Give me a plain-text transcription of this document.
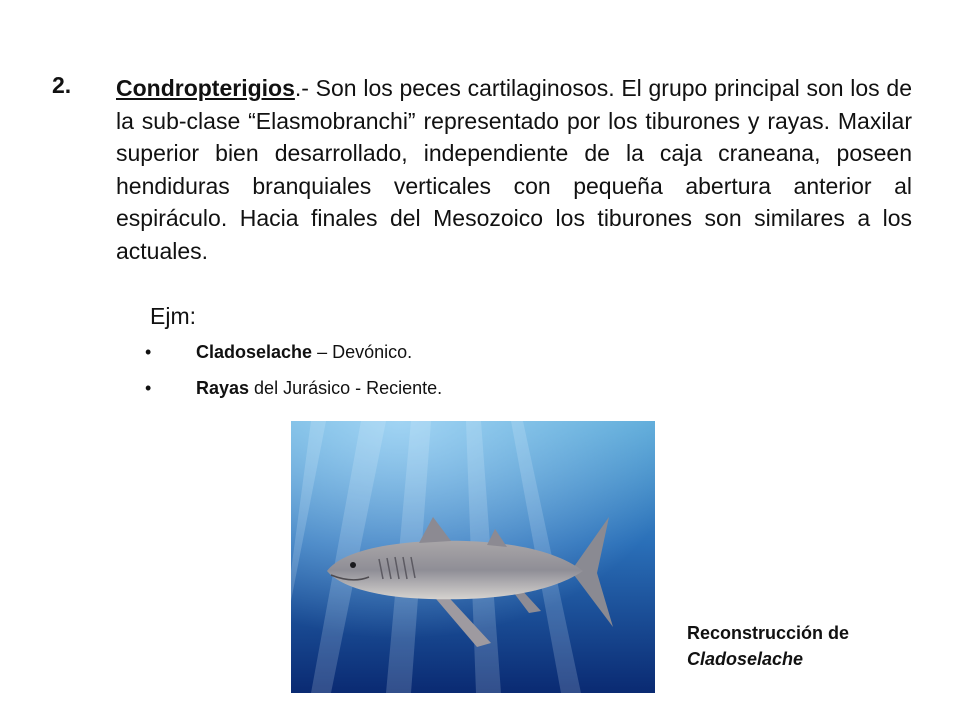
2. Condropterigios.- Son los peces cartilaginosos. El grupo principal son los de la sub-clase “Elasmobranchi” representado por los tiburones y rayas. Maxilar superior bien desarrollado, independiente de la caja craneana, poseen hendiduras branquiales verticales con pequeña abertura anterior al espiráculo. Hacia finales del Mesozoico los tiburones son similares a los actuales.
Ejm:
• Cladoselache – Devónico.
• Rayas del Jurásico - Reciente.
Reconstrucción de
Cladoselache
